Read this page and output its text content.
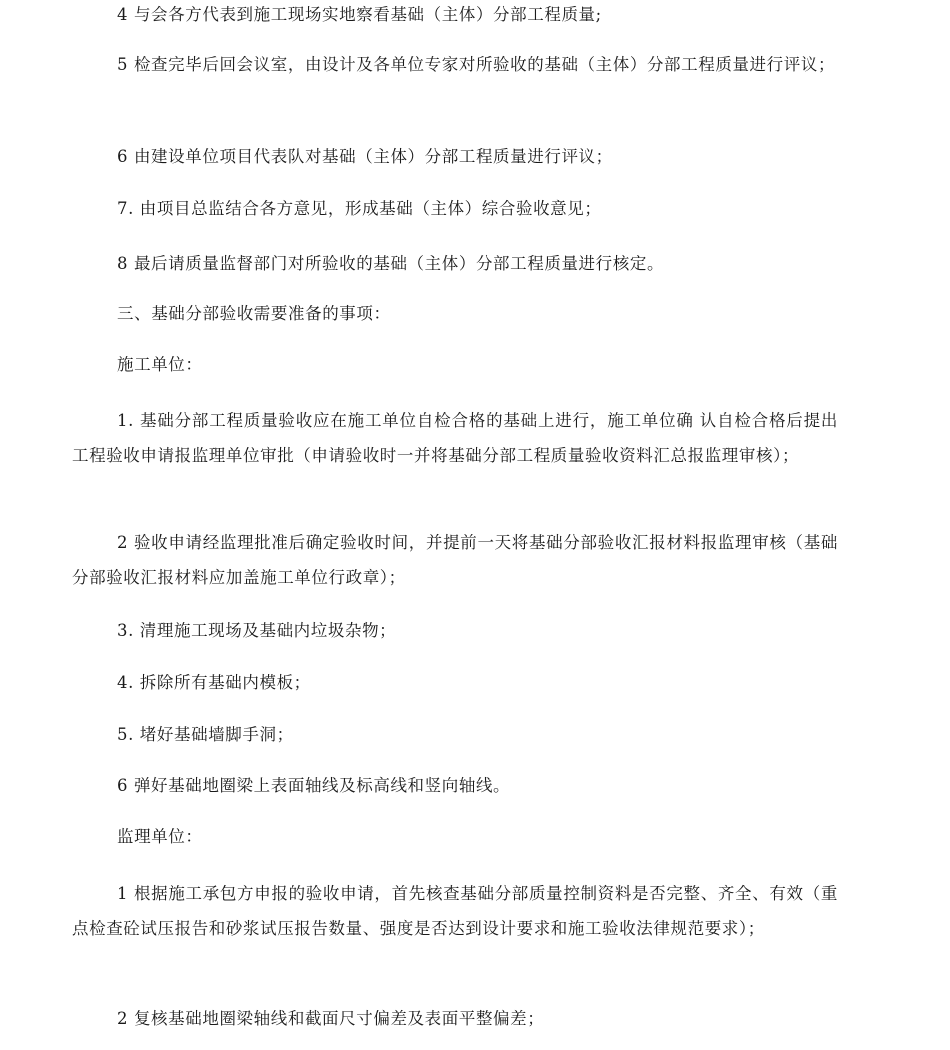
4 与会各方代表到施工现场实地察看基础（主体）分部工程质量;

5 检查完毕后回会议室，由设计及各单位专家对所验收的基础（主体）分部工程质量进行评议；

6 由建设单位项目代表队对基础（主体）分部工程质量进行评议；

7. 由项目总监结合各方意见，形成基础（主体）综合验收意见；

8 最后请质量监督部门对所验收的基础（主体）分部工程质量进行核定。

三、基础分部验收需要准备的事项：

施工单位：

1. 基础分部工程质量验收应在施工单位自检合格的基础上进行，施工单位确 认自检合格后提出工程验收申请报监理单位审批（申请验收时一并将基础分部工程质量验收资料汇总报监理审核）；

2 验收申请经监理批准后确定验收时间，并提前一天将基础分部验收汇报材料报监理审核（基础分部验收汇报材料应加盖施工单位行政章）；

3. 清理施工现场及基础内垃圾杂物；

4. 拆除所有基础内模板；

5. 堵好基础墙脚手洞；

6 弹好基础地圈梁上表面轴线及标高线和竖向轴线。

监理单位：

1 根据施工承包方申报的验收申请，首先核查基础分部质量控制资料是否完整、齐全、有效（重点检查砼试压报告和砂浆试压报告数量、强度是否达到设计要求和施工验收法律规范要求）；

2 复核基础地圈梁轴线和截面尺寸偏差及表面平整偏差；
